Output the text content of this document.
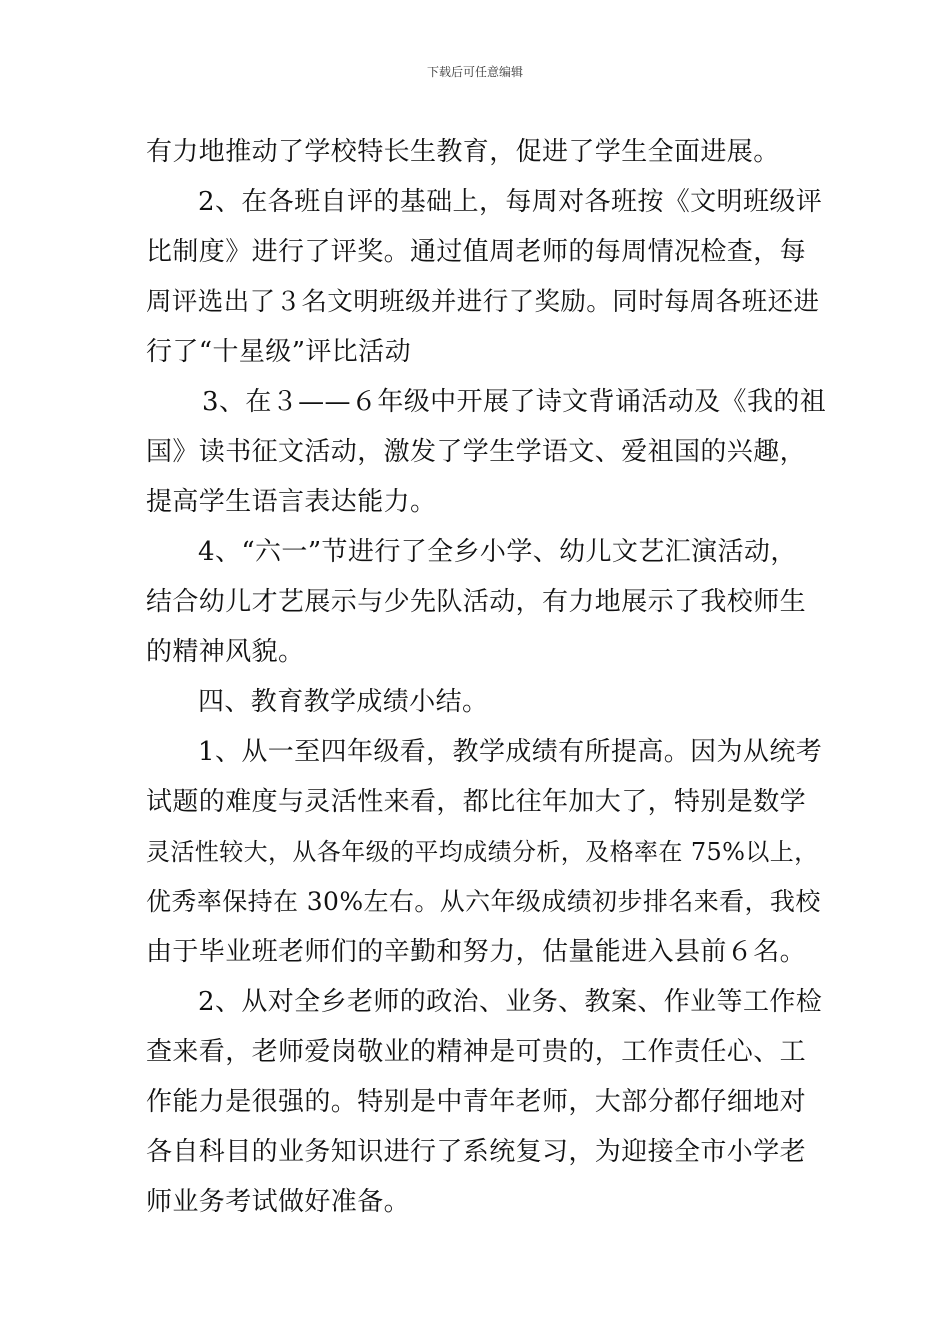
下载后可任意编辑
有力地推动了学校特长生教育，促进了学生全面进展。
2、在各班自评的基础上，每周对各班按《文明班级评
比制度》进行了评奖。通过值周老师的每周情况检查，每
周评选出了３名文明班级并进行了奖励。同时每周各班还进
行了“十星级”评比活动
3、在３——６年级中开展了诗文背诵活动及《我的祖
国》读书征文活动，激发了学生学语文、爱祖国的兴趣，
提高学生语言表达能力。
4、“六一”节进行了全乡小学、幼儿文艺汇演活动，
结合幼儿才艺展示与少先队活动，有力地展示了我校师生
的精神风貌。
四、教育教学成绩小结。
1、从一至四年级看，教学成绩有所提高。因为从统考
试题的难度与灵活性来看，都比往年加大了，特别是数学
灵活性较大，从各年级的平均成绩分析，及格率在 75%以上，
优秀率保持在 30%左右。从六年级成绩初步排名来看，我校
由于毕业班老师们的辛勤和努力，估量能进入县前６名。
2、从对全乡老师的政治、业务、教案、作业等工作检
查来看，老师爱岗敬业的精神是可贵的，工作责任心、工
作能力是很强的。特别是中青年老师，大部分都仔细地对
各自科目的业务知识进行了系统复习，为迎接全市小学老
师业务考试做好准备。
